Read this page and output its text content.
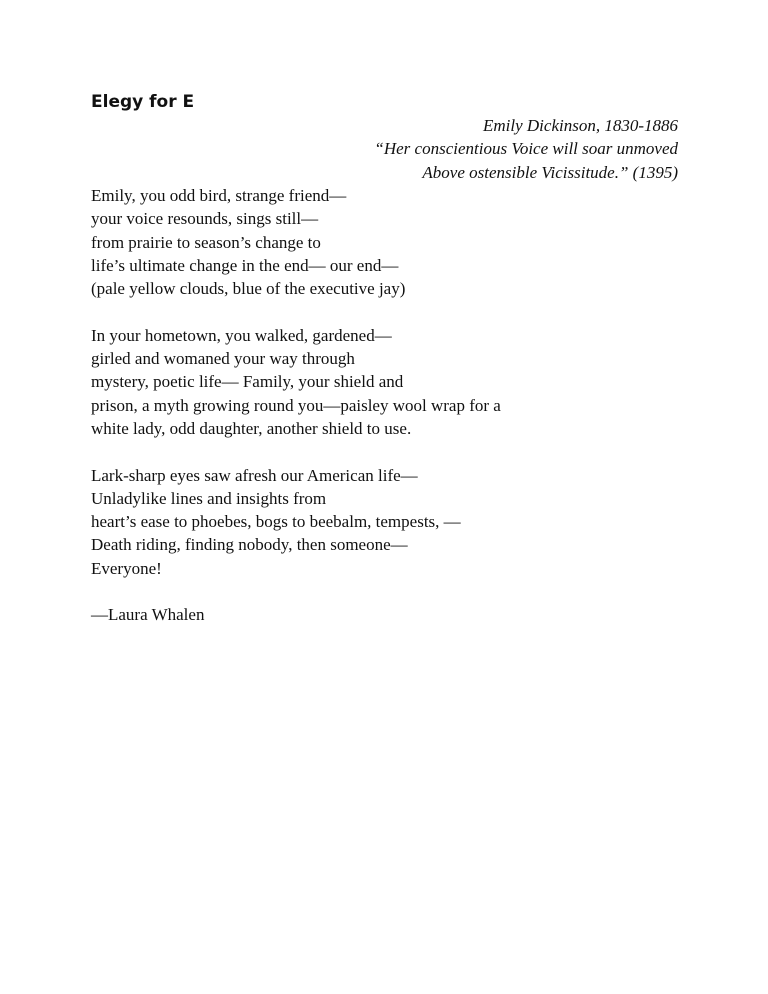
Elegy for E
Emily Dickinson, 1830-1886
“Her conscientious Voice will soar unmoved
Above ostensible Vicissitude.” (1395)
Emily, you odd bird, strange friend—
your voice resounds, sings still—
from prairie to season’s change to
life’s ultimate change in the end— our end—
(pale yellow clouds, blue of the executive jay)
In your hometown, you walked, gardened—
girled and womaned your way through
mystery, poetic life— Family, your shield and
prison, a myth growing round you—paisley wool wrap for a
white lady, odd daughter, another shield to use.
Lark-sharp eyes saw afresh our American life—
Unladylike lines and insights from
heart’s ease to phoebes, bogs to beebalm, tempests, —
Death riding, finding nobody, then someone—
Everyone!
—Laura Whalen
